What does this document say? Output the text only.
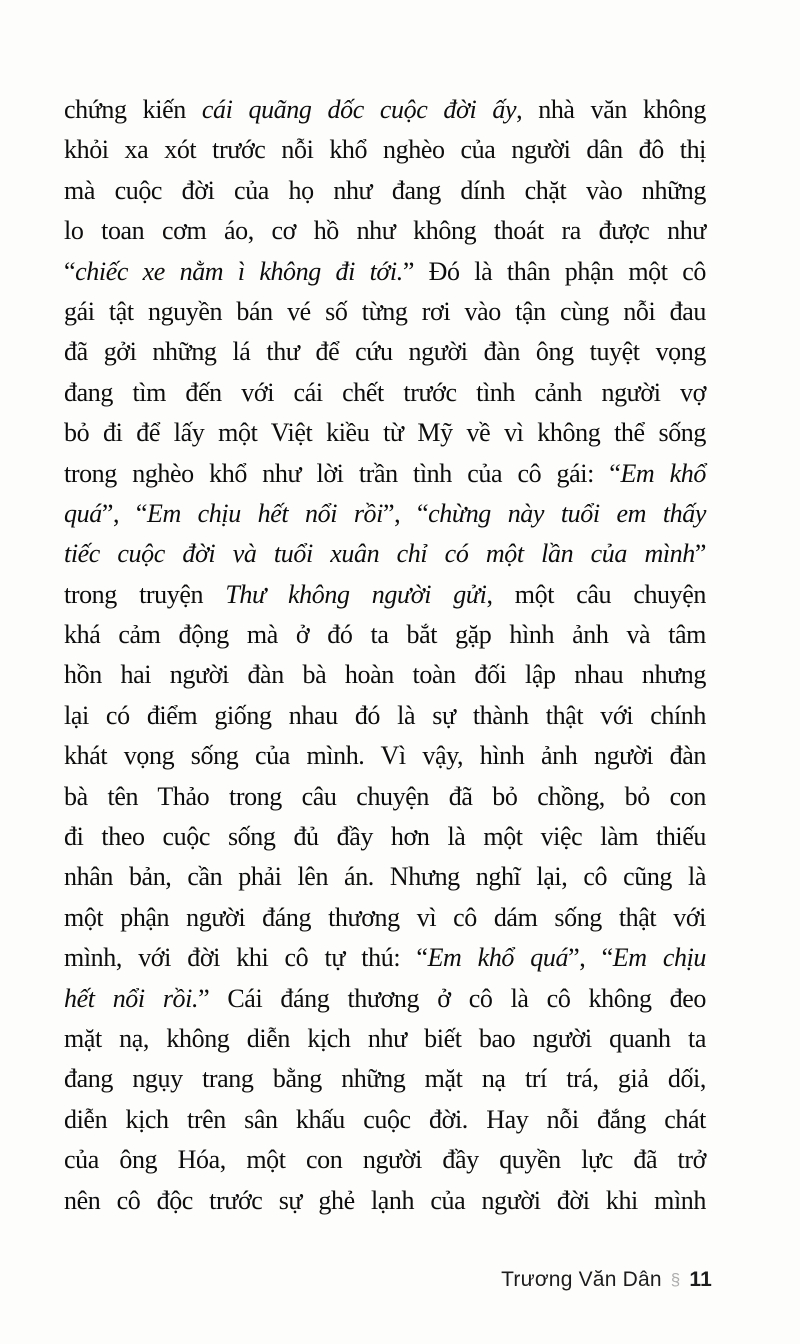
chứng kiến cái quãng dốc cuộc đời ấy, nhà văn không
khỏi xa xót trước nỗi khổ nghèo của người dân đô thị
mà cuộc đời của họ như đang dính chặt vào những
lo toan cơm áo, cơ hồ như không thoát ra được như
“chiếc xe nằm ì không đi tới.” Đó là thân phận một cô
gái tật nguyền bán vé số từng rơi vào tận cùng nỗi đau
đã gởi những lá thư để cứu người đàn ông tuyệt vọng
đang tìm đến với cái chết trước tình cảnh người vợ
bỏ đi để lấy một Việt kiều từ Mỹ về vì không thể sống
trong nghèo khổ như lời trần tình của cô gái: “Em khổ
quá”, “Em chịu hết nổi rồi”, “chừng này tuổi em thấy
tiếc cuộc đời và tuổi xuân chỉ có một lần của mình”
trong truyện Thư không người gửi, một câu chuyện
khá cảm động mà ở đó ta bắt gặp hình ảnh và tâm
hồn hai người đàn bà hoàn toàn đối lập nhau nhưng
lại có điểm giống nhau đó là sự thành thật với chính
khát vọng sống của mình. Vì vậy, hình ảnh người đàn
bà tên Thảo trong câu chuyện đã bỏ chồng, bỏ con
đi theo cuộc sống đủ đầy hơn là một việc làm thiếu
nhân bản, cần phải lên án. Nhưng nghĩ lại, cô cũng là
một phận người đáng thương vì cô dám sống thật với
mình, với đời khi cô tự thú: “Em khổ quá”, “Em chịu
hết nổi rồi.” Cái đáng thương ở cô là cô không đeo
mặt nạ, không diễn kịch như biết bao người quanh ta
đang ngụy trang bằng những mặt nạ trí trá, giả dối,
diễn kịch trên sân khấu cuộc đời. Hay nỗi đắng chát
của ông Hóa, một con người đầy quyền lực đã trở
nên cô độc trước sự ghẻ lạnh của người đời khi mình
Trương Văn Dân § 11
